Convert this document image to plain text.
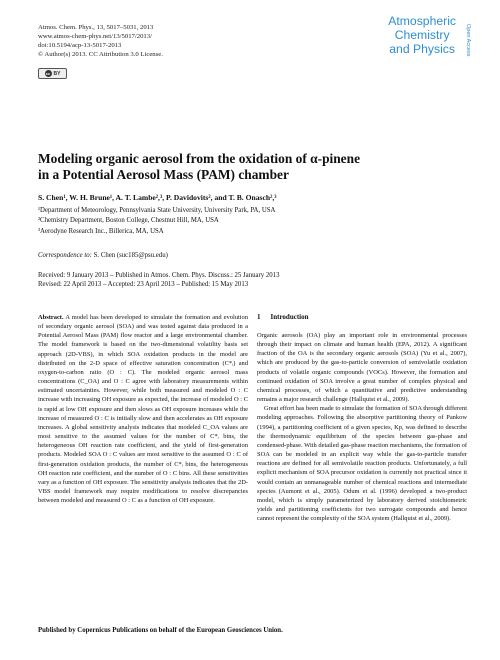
Atmos. Chem. Phys., 13, 5017–5031, 2013
www.atmos-chem-phys.net/13/5017/2013/
doi:10.5194/acp-13-5017-2013
© Author(s) 2013. CC Attribution 3.0 License.
cc BY
Atmospheric
Chemistry
and Physics Open Access
Modeling organic aerosol from the oxidation of α-pinene
in a Potential Aerosol Mass (PAM) chamber
S. Chen¹, W. H. Brune¹, A. T. Lambe²,³, P. Davidovits², and T. B. Onasch²,³
¹Department of Meteorology, Pennsylvania State University, University Park, PA, USA
²Chemistry Department, Boston College, Chestnut Hill, MA, USA
³Aerodyne Research Inc., Billerica, MA, USA
Correspondence to: S. Chen (suc185@psu.edu)
Received: 9 January 2013 – Published in Atmos. Chem. Phys. Discuss.: 25 January 2013
Revised: 22 April 2013 – Accepted: 23 April 2013 – Published: 15 May 2013

Abstract. A model has been developed to simulate the formation and evolution of secondary organic aerosol (SOA) and was tested against data produced in a Potential Aerosol Mass (PAM) flow reactor and a large environmental chamber. The model framework is based on the two-dimensional volatility basis set approach (2D-VBS), in which SOA oxidation products in the model are distributed on the 2-D space of effective saturation concentration (C*ᵢ) and oxygen-to-carbon ratio (O : C). The modeled organic aerosol mass concentrations (C_OA) and O : C agree with laboratory measurements within estimated uncertainties. However, while both measured and modeled O : C increase with increasing OH exposure as expected, the increase of modeled O : C is rapid at low OH exposure and then slows as OH exposure increases while the increase of measured O : C is initially slow and then accelerates as OH exposure increases. A global sensitivity analysis indicates that modeled C_OA values are most sensitive to the assumed values for the number of C*ᵢ bins, the heterogeneous OH reaction rate coefficient, and the yield of first-generation products. Modeled SOA O : C values are most sensitive to the assumed O : C of first-generation oxidation products, the number of C*ᵢ bins, the heterogeneous OH reaction rate coefficient, and the number of O : C bins. All these sensitivities vary as a function of OH exposure. The sensitivity analysis indicates that the 2D-VBS model framework may require modifications to resolve discrepancies between modeled and measured O : C as a function of OH exposure.

1 Introduction

Organic aerosols (OA) play an important role in environmental processes through their impact on climate and human health (EPA, 2012). A significant fraction of the OA is the secondary organic aerosols (SOA) (Yu et al., 2007), which are produced by the gas-to-particle conversion of semivolatile oxidation products of volatile organic compounds (VOCs). However, the formation and continued oxidation of SOA involve a great number of complex physical and chemical processes, of which a quantitative and predictive understanding remains a major research challenge (Hallquist et al., 2009).

Great effort has been made to simulate the formation of SOA through different modeling approaches. Following the absorptive partitioning theory of Pankow (1994), a partitioning coefficient of a given species, Kp, was defined to describe the thermodynamic equilibrium of the species between gas-phase and condensed-phase. With detailed gas-phase reaction mechanisms, the formation of SOA can be modeled in an explicit way while the gas-to-particle transfer reactions are defined for all semivolatile reaction products. Unfortunately, a full explicit mechanism of SOA precursor oxidation is currently not practical since it would contain an unmanageable number of chemical reactions and intermediate species (Aumont et al., 2005). Odum et al. (1996) developed a two-product model, which is simply parameterized by laboratory derived stoichiometric yields and partitioning coefficients for two surrogate compounds and hence cannot represent the complexity of the SOA system (Hallquist et al., 2009).

Published by Copernicus Publications on behalf of the European Geosciences Union.
